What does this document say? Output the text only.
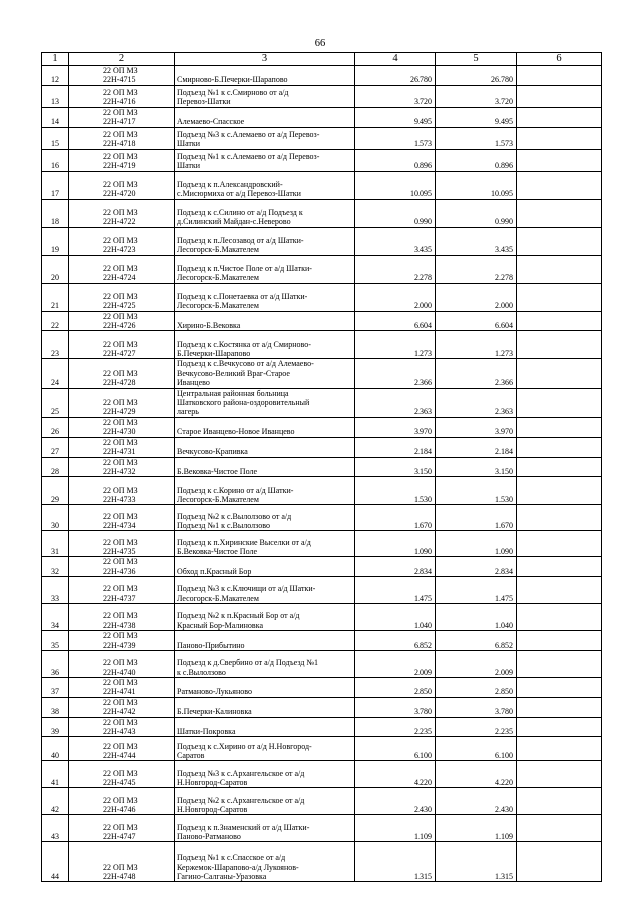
66
1	2	3	4	5	6
12	22 ОП МЗ 22Н-4715	Смирново-Б.Печерки-Шарапово	26.780	26.780	
13	22 ОП МЗ 22Н-4716	Подъезд №1 к с.Смирново от а/д
Перевоз-Шатки	3.720	3.720	
14	22 ОП МЗ 22Н-4717	Алемаево-Спасское	9.495	9.495	
15	22 ОП МЗ 22Н-4718	Подъезд №3 к с.Алемаево от а/д Перевоз-
Шатки	1.573	1.573	
16	22 ОП МЗ 22Н-4719	Подъезд №1 к с.Алемаево от а/д Перевоз-
Шатки	0.896	0.896	
17	22 ОП МЗ 22Н-4720	Подъезд к п.Александровский-
с.Мисюрмиха от а/д Перевоз-Шатки	10.095	10.095	
18	22 ОП МЗ 22Н-4722	Подъезд к с.Силино от а/д Подъезд к
д.Силинский Майдан-с.Неверово	0.990	0.990	
19	22 ОП МЗ 22Н-4723	Подъезд к п.Лесозавод от а/д Шатки-
Лесогорск-Б.Макателем	3.435	3.435	
20	22 ОП МЗ 22Н-4724	Подъезд к п.Чистое Поле от а/д Шатки-
Лесогорск-Б.Макателем	2.278	2.278	
21	22 ОП МЗ 22Н-4725	Подъезд к с.Понетаевка от а/д Шатки-
Лесогорск-Б.Макателем	2.000	2.000	
22	22 ОП МЗ 22Н-4726	Хирино-Б.Вековка	6.604	6.604	
23	22 ОП МЗ 22Н-4727	Подъезд к с.Костянка от а/д Смирново-
Б.Печерки-Шарапово	1.273	1.273	
24	22 ОП МЗ 22Н-4728	Подъезд к с.Вечкусово от а/д Алемаево-
Вечкусово-Великий Враг-Старое
Иванцево	2.366	2.366	
25	22 ОП МЗ 22Н-4729	Центральная районная больница
Шатковского района-оздоровительный
лагерь	2.363	2.363	
26	22 ОП МЗ 22Н-4730	Старое Иванцево-Новое Иванцево	3.970	3.970	
27	22 ОП МЗ 22Н-4731	Вечкусово-Крапивка	2.184	2.184	
28	22 ОП МЗ 22Н-4732	Б.Вековка-Чистое Поле	3.150	3.150	
29	22 ОП МЗ 22Н-4733	Подъезд к с.Корино от а/д Шатки-
Лесогорск-Б.Макателем	1.530	1.530	
30	22 ОП МЗ 22Н-4734	Подъезд №2 к с.Вылолзово от а/д
Подъезд №1 к с.Вылолзово	1.670	1.670	
31	22 ОП МЗ 22Н-4735	Подъезд к п.Хиринские Выселки от а/д
Б.Вековка-Чистое Поле	1.090	1.090	
32	22 ОП МЗ 22Н-4736	Обход п.Красный Бор	2.834	2.834	
33	22 ОП МЗ 22Н-4737	Подъезд №3 к с.Ключищи от а/д Шатки-
Лесогорск-Б.Макателем	1.475	1.475	
34	22 ОП МЗ 22Н-4738	Подъезд №2 к п.Красный Бор от а/д
Красный Бор-Малиновка	1.040	1.040	
35	22 ОП МЗ 22Н-4739	Паново-Прибытино	6.852	6.852	
36	22 ОП МЗ 22Н-4740	Подъезд к д.Свербино от а/д Подъезд №1
к с.Вылолзово	2.009	2.009	
37	22 ОП МЗ 22Н-4741	Ратманово-Лукьяново	2.850	2.850	
38	22 ОП МЗ 22Н-4742	Б.Печерки-Калиновка	3.780	3.780	
39	22 ОП МЗ 22Н-4743	Шатки-Покровка	2.235	2.235	
40	22 ОП МЗ 22Н-4744	Подъезд к с.Хирино от а/д Н.Новгород-
Саратов	6.100	6.100	
41	22 ОП МЗ 22Н-4745	Подъезд №3 к с.Архангельское от а/д
Н.Новгород-Саратов	4.220	4.220	
42	22 ОП МЗ 22Н-4746	Подъезд №2 к с.Архангельское от а/д
Н.Новгород-Саратов	2.430	2.430	
43	22 ОП МЗ 22Н-4747	Подъезд к п.Знаменский от а/д Шатки-
Паново-Ратманово	1.109	1.109	
44	22 ОП МЗ 22Н-4748	Подъезд №1 к с.Спасское от а/д
Кержемок-Шарапово-а/д Лукоянов-
Гагино-Салганы-Уразовка	1.315	1.315	
